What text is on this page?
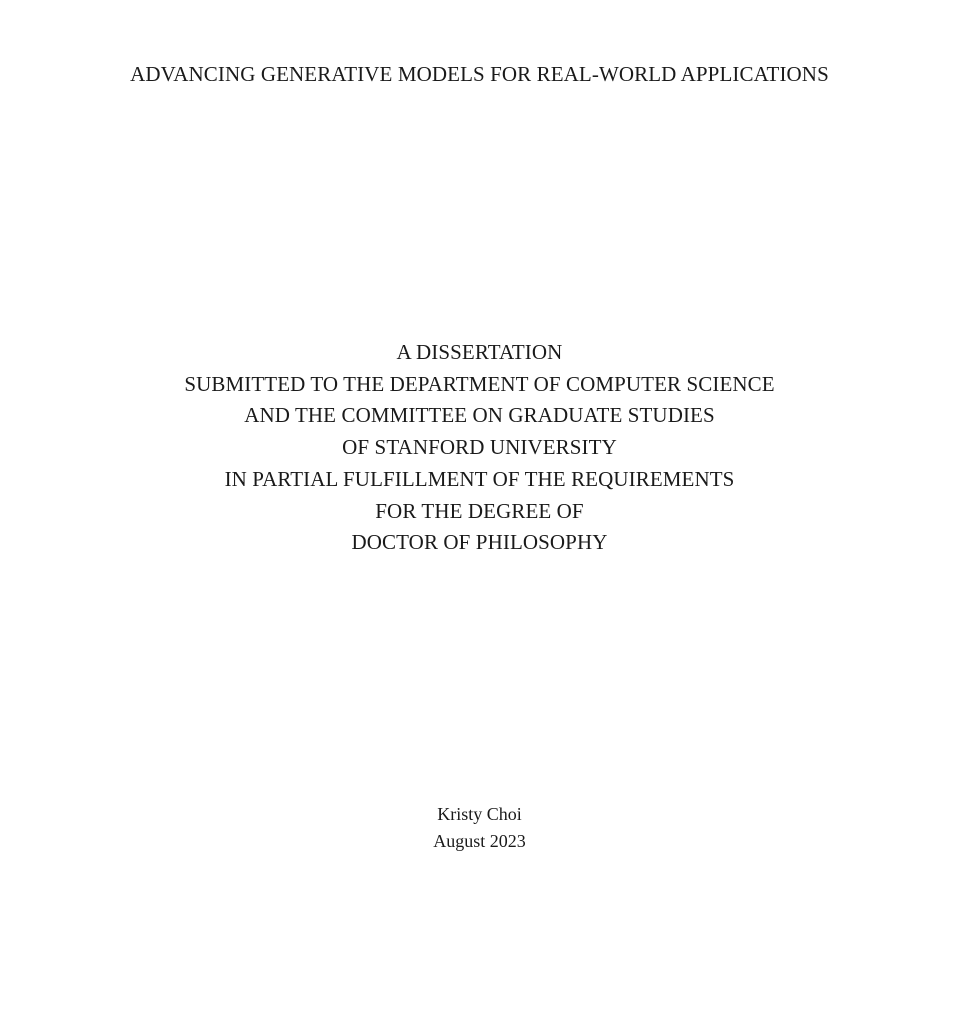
ADVANCING GENERATIVE MODELS FOR REAL-WORLD APPLICATIONS
A DISSERTATION
SUBMITTED TO THE DEPARTMENT OF COMPUTER SCIENCE
AND THE COMMITTEE ON GRADUATE STUDIES
OF STANFORD UNIVERSITY
IN PARTIAL FULFILLMENT OF THE REQUIREMENTS
FOR THE DEGREE OF
DOCTOR OF PHILOSOPHY
Kristy Choi
August 2023
